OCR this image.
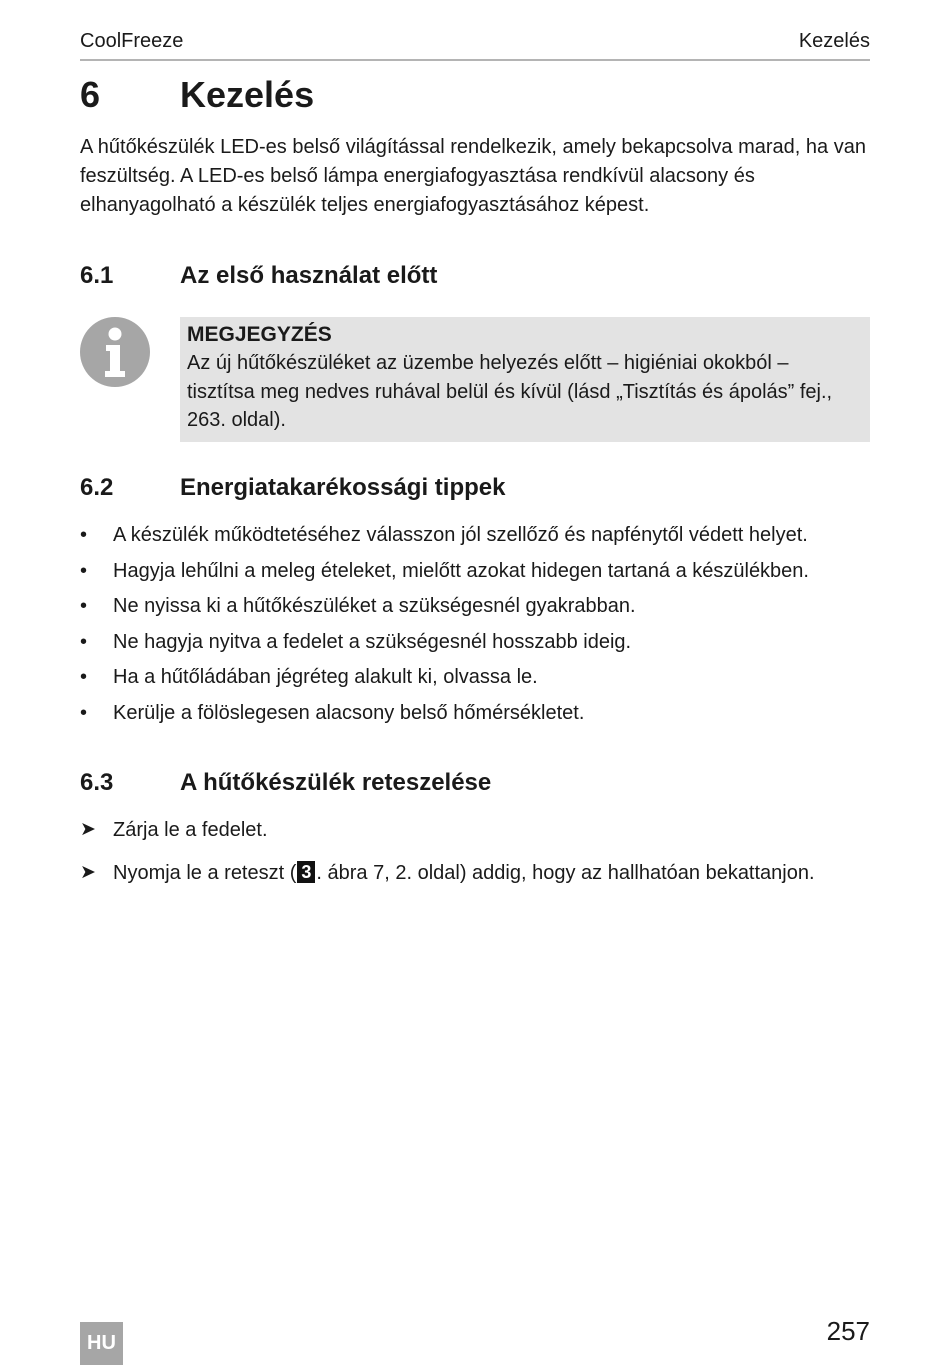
CoolFreeze	Kezelés
6 Kezelés

A hűtőkészülék LED-es belső világítással rendelkezik, amely bekapcsolva marad, ha van feszültség. A LED-es belső lámpa energiafogyasztása rendkívül alacsony és elhanyagolható a készülék teljes energiafogyasztásához képest.

6.1	Az első használat előtt
MEGJEGYZÉS
Az új hűtőkészüléket az üzembe helyezés előtt – higiéniai okokból – tisztítsa meg nedves ruhával belül és kívül (lásd „Tisztítás és ápolás” fej., 263. oldal).
6.2	Energiatakarékossági tippek
• A készülék működtetéséhez válasszon jól szellőző és napfénytől védett helyet.
• Hagyja lehűlni a meleg ételeket, mielőtt azokat hidegen tartaná a készülékben.
• Ne nyissa ki a hűtőkészüléket a szükségesnél gyakrabban.
• Ne hagyja nyitva a fedelet a szükségesnél hosszabb ideig.
• Ha a hűtőládában jégréteg alakult ki, olvassa le.
• Kerülje a fölöslegesen alacsony belső hőmérsékletet.
6.3	A hűtőkészülék reteszelése
➤ Zárja le a fedelet.
➤ Nyomja le a reteszt ( 3 . ábra 7, 2. oldal) addig, hogy az hallhatóan bekattanjon.
257
HU
